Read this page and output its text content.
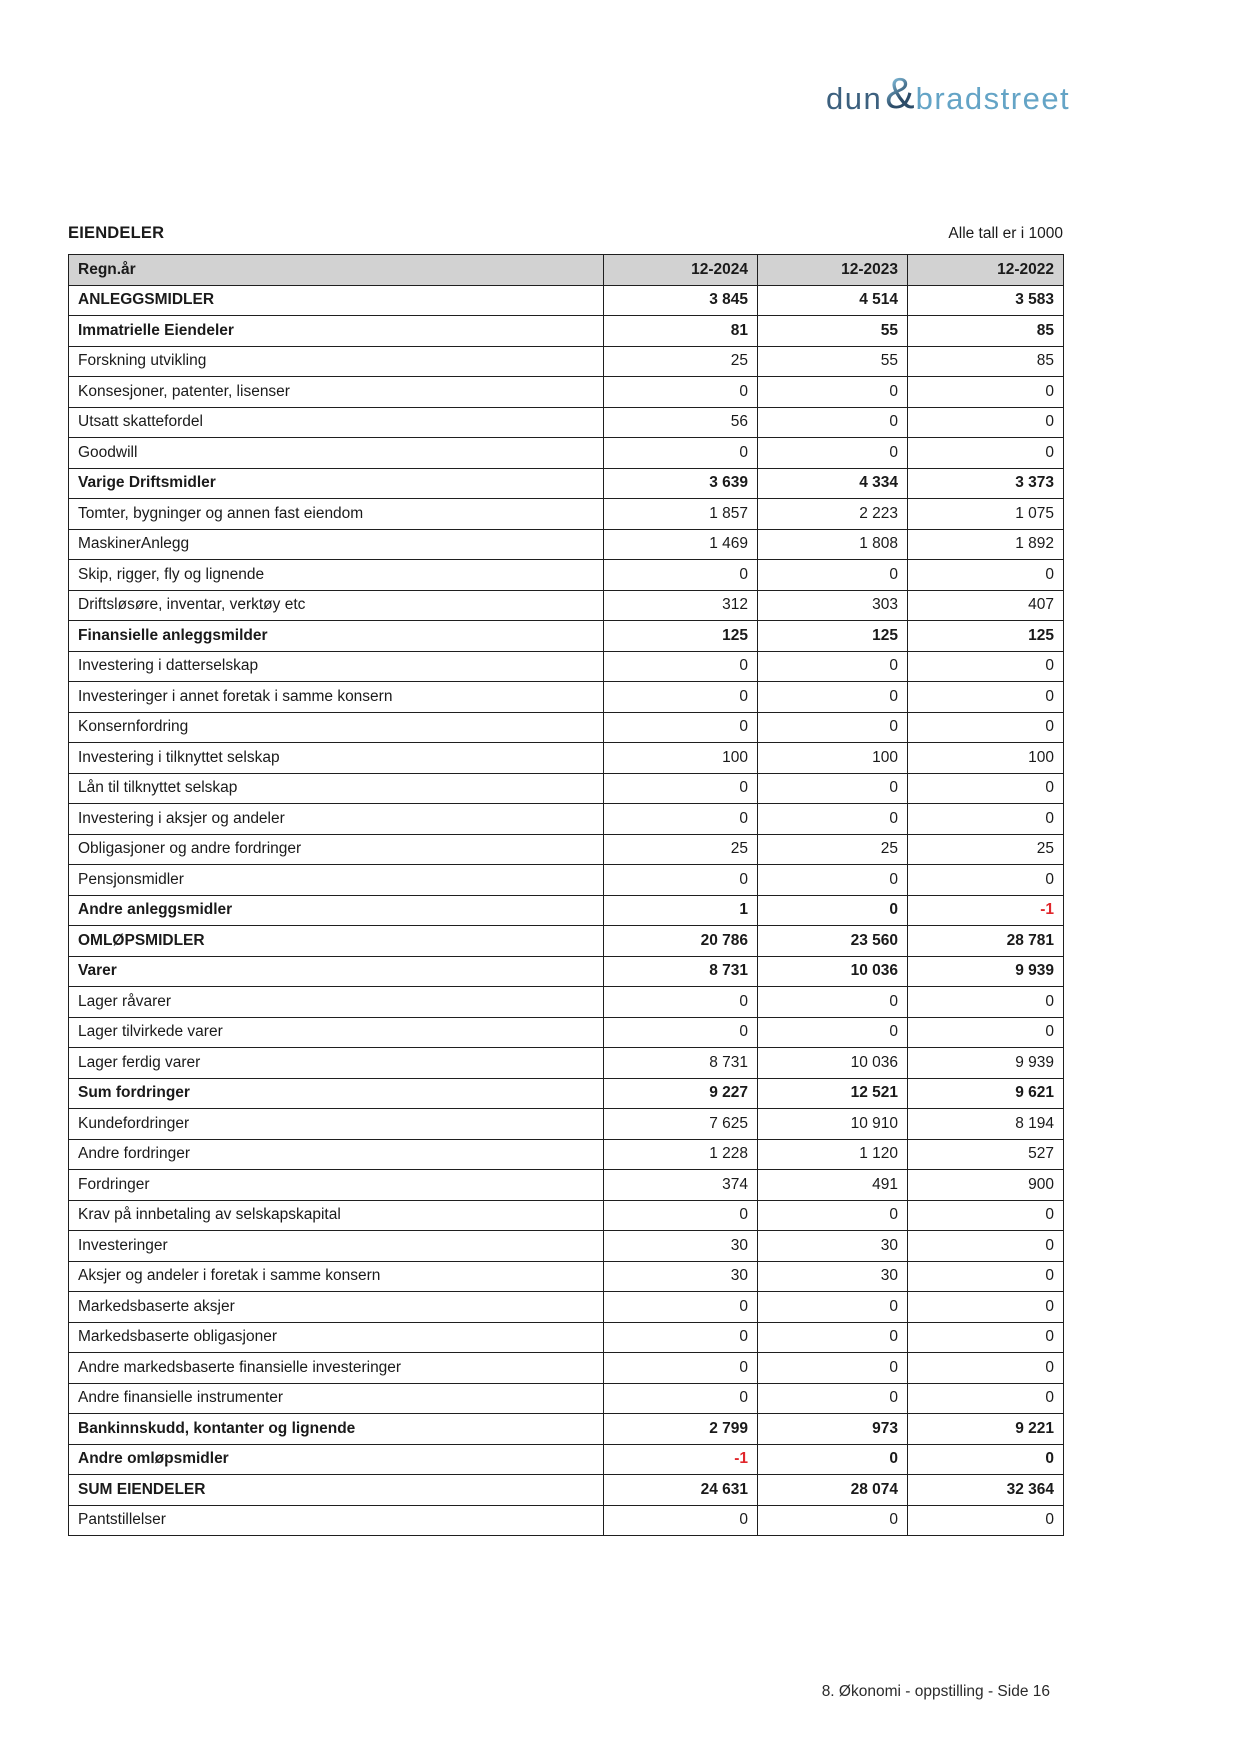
dun & bradstreet
EIENDELER	Alle tall er i 1000
Regn.år	12-2024	12-2023	12-2022
ANLEGGSMIDLER	3 845	4 514	3 583
Immatrielle Eiendeler	81	55	85
Forskning utvikling	25	55	85
Konsesjoner, patenter, lisenser	0	0	0
Utsatt skattefordel	56	0	0
Goodwill	0	0	0
Varige Driftsmidler	3 639	4 334	3 373
Tomter, bygninger og annen fast eiendom	1 857	2 223	1 075
MaskinerAnlegg	1 469	1 808	1 892
Skip, rigger, fly og lignende	0	0	0
Driftsløsøre, inventar, verktøy etc	312	303	407
Finansielle anleggsmilder	125	125	125
Investering i datterselskap	0	0	0
Investeringer i annet foretak i samme konsern	0	0	0
Konsernfordring	0	0	0
Investering i tilknyttet selskap	100	100	100
Lån til tilknyttet selskap	0	0	0
Investering i aksjer og andeler	0	0	0
Obligasjoner og andre fordringer	25	25	25
Pensjonsmidler	0	0	0
Andre anleggsmidler	1	0	-1
OMLØPSMIDLER	20 786	23 560	28 781
Varer	8 731	10 036	9 939
Lager råvarer	0	0	0
Lager tilvirkede varer	0	0	0
Lager ferdig varer	8 731	10 036	9 939
Sum fordringer	9 227	12 521	9 621
Kundefordringer	7 625	10 910	8 194
Andre fordringer	1 228	1 120	527
Fordringer	374	491	900
Krav på innbetaling av selskapskapital	0	0	0
Investeringer	30	30	0
Aksjer og andeler i foretak i samme konsern	30	30	0
Markedsbaserte aksjer	0	0	0
Markedsbaserte obligasjoner	0	0	0
Andre markedsbaserte finansielle investeringer	0	0	0
Andre finansielle instrumenter	0	0	0
Bankinnskudd, kontanter og lignende	2 799	973	9 221
Andre omløpsmidler	-1	0	0
SUM EIENDELER	24 631	28 074	32 364
Pantstillelser	0	0	0
8. Økonomi - oppstilling - Side 16
